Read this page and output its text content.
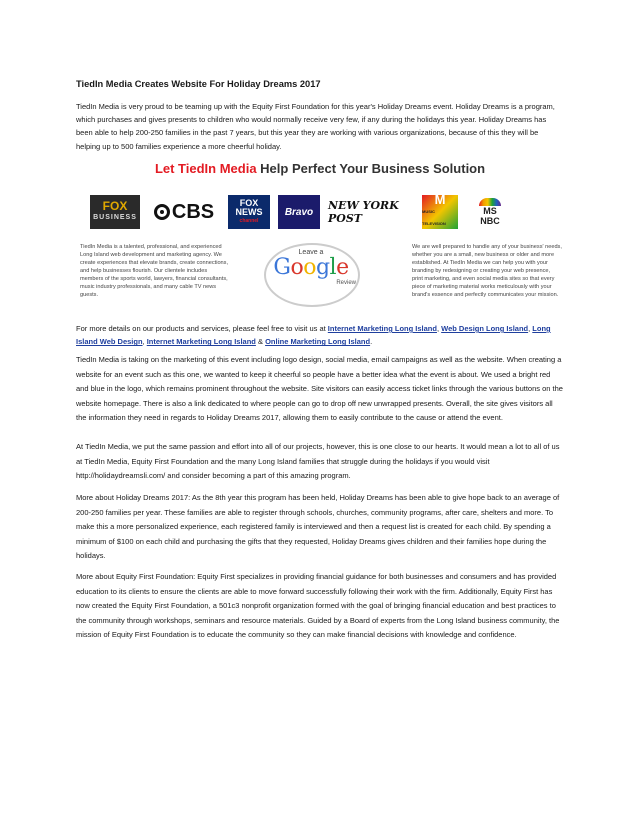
TiedIn Media Creates Website For Holiday Dreams 2017

TiedIn Media is very proud to be teaming up with the Equity First Foundation for this year's Holiday Dreams event. Holiday Dreams is a program, which purchases and gives presents to children who would normally receive very few, if any during the holidays this year. Holiday Dreams has been able to help 200-250 families in the past 7 years, but this year they are working with various organizations, because of this they will be helping up to 500 families experience a more cheerful holiday.

Let TiedIn Media Help Perfect Your Business Solution
FOX
BUSINESS CBS	FOX
NEWS
channel
Bravo NEW YORK POST
M
MUSIC TELEVISION
MS
NBC
TiedIn Media is a talented, professional, and experienced Long Island web development and marketing agency. We create experiences that elevate brands, create connections, and help businesses flourish. Our clientele includes members of the sports world, lawyers, financial consultants, music industry professionals, and many cable TV news guests.
Leave a
Google
Review
We are well prepared to handle any of your business' needs, whether you are a small, new business or older and more established. At TiedIn Media we can help you with your branding by redesigning or creating your web presence, print marketing, and even social media sites so that every piece of marketing material works meticulously with your brand's essence and perfectly communicates your mission.

For more details on our products and services, please feel free to visit us at Internet Marketing Long Island, Web Design Long Island, Long Island Web Design, Internet Marketing Long Island & Online Marketing Long Island.

TiedIn Media is taking on the marketing of this event including logo design, social media, email campaigns as well as the website. When creating a website for an event such as this one, we wanted to keep it cheerful so people have a better idea what the event is about. We used a bright red and blue in the logo, which remains prominent throughout the website. Site visitors can easily access ticket links through the various buttons on the website homepage. There is also a link dedicated to where people can go to drop off new unwrapped presents. Overall, the site gives visitors all the information they need in regards to Holiday Dreams 2017, allowing them to easily contribute to the cause or attend the event.

At TiedIn Media, we put the same passion and effort into all of our projects, however, this is one close to our hearts. It would mean a lot to all of us at TiedIn Media, Equity First Foundation and the many Long Island families that struggle during the holidays if you would visit http://holidaydreamsli.com/ and consider becoming a part of this amazing program.

More about Holiday Dreams 2017: As the 8th year this program has been held, Holiday Dreams has been able to give hope back to an average of 200-250 families per year. These families are able to register through schools, churches, community programs, after care, shelters and more. To make this a more personalized experience, each registered family is interviewed and then a request list is created for each child. By spending a minimum of $100 on each child and purchasing the gifts that they requested, Holiday Dreams gives children and their families hope during the holidays.

More about Equity First Foundation: Equity First specializes in providing financial guidance for both businesses and consumers and has provided education to its clients to ensure the clients are able to move forward successfully following their work with the firm. Additionally, Equity First has now created the Equity First Foundation, a 501c3 nonprofit organization formed with the goal of bringing financial education and best practices to the community through workshops, seminars and resource materials. Guided by a Board of experts from the Long Island business community, the mission of Equity First Foundation is to educate the community so they can make financial decisions with knowledge and confidence.
